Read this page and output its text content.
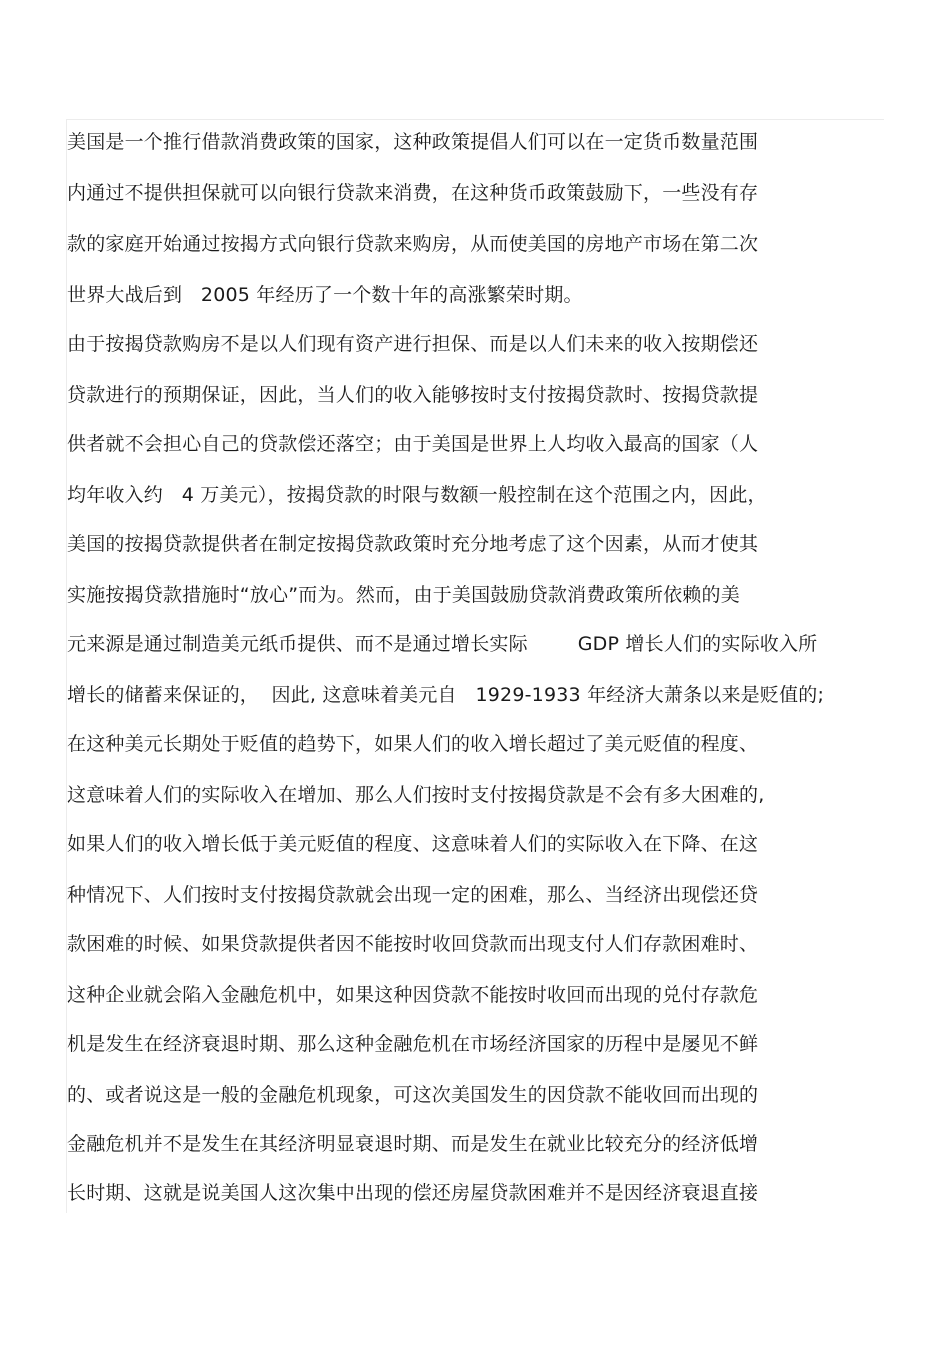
美国是一个推行借款消费政策的国家，这种政策提倡人们可以在一定货币数量范围
内通过不提供担保就可以向银行贷款来消费，在这种货币政策鼓励下，一些没有存
款的家庭开始通过按揭方式向银行贷款来购房，从而使美国的房地产市场在第二次
世界大战后到   2005 年经历了一个数十年的高涨繁荣时期。
由于按揭贷款购房不是以人们现有资产进行担保、而是以人们未来的收入按期偿还
贷款进行的预期保证，因此，当人们的收入能够按时支付按揭贷款时、按揭贷款提
供者就不会担心自己的贷款偿还落空；由于美国是世界上人均收入最高的国家（人
均年收入约   4 万美元），按揭贷款的时限与数额一般控制在这个范围之内，因此，
美国的按揭贷款提供者在制定按揭贷款政策时充分地考虑了这个因素，从而才使其
实施按揭贷款措施时“放心”而为。然而，由于美国鼓励贷款消费政策所依赖的美
元来源是通过制造美元纸币提供、而不是通过增长实际        GDP 增长人们的实际收入所
增长的储蓄来保证的，  因此, 这意味着美元自   1929-1933 年经济大萧条以来是贬值的;
在这种美元长期处于贬值的趋势下，如果人们的收入增长超过了美元贬值的程度、
这意味着人们的实际收入在增加、那么人们按时支付按揭贷款是不会有多大困难的,
如果人们的收入增长低于美元贬值的程度、这意味着人们的实际收入在下降、在这
种情况下、人们按时支付按揭贷款就会出现一定的困难，那么、当经济出现偿还贷
款困难的时候、如果贷款提供者因不能按时收回贷款而出现支付人们存款困难时、
这种企业就会陷入金融危机中，如果这种因贷款不能按时收回而出现的兑付存款危
机是发生在经济衰退时期、那么这种金融危机在市场经济国家的历程中是屡见不鲜
的、或者说这是一般的金融危机现象，可这次美国发生的因贷款不能收回而出现的
金融危机并不是发生在其经济明显衰退时期、而是发生在就业比较充分的经济低增
长时期、这就是说美国人这次集中出现的偿还房屋贷款困难并不是因经济衰退直接
